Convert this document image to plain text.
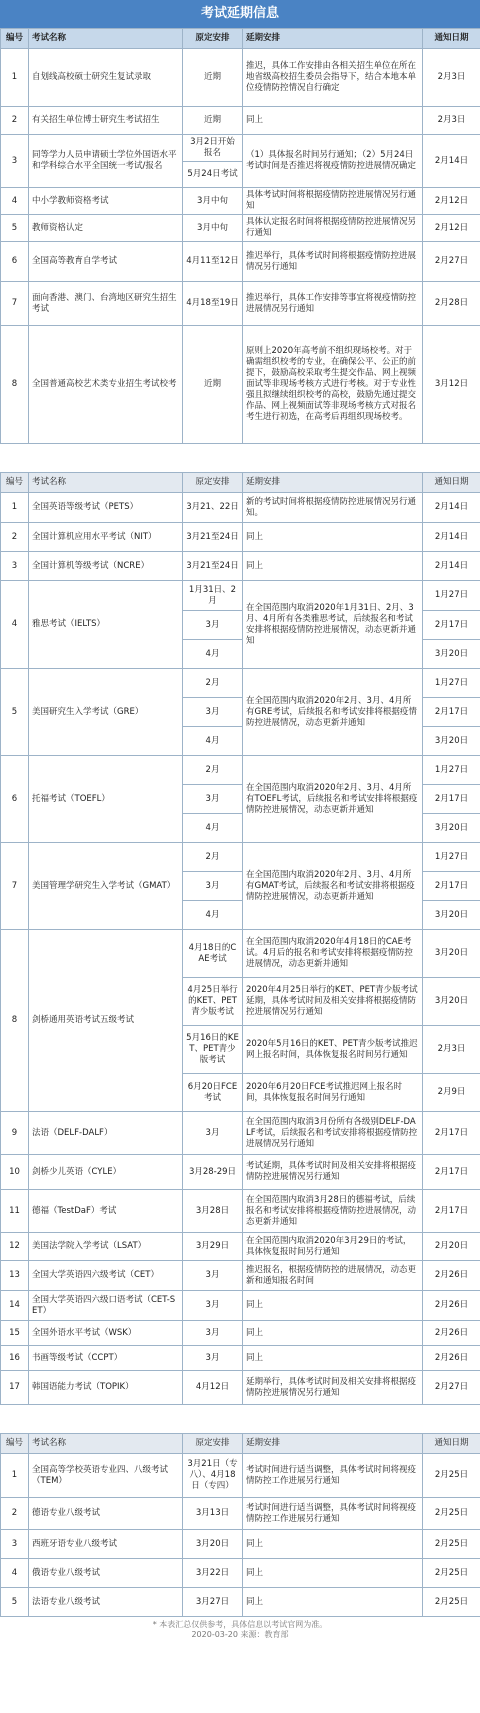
考试延期信息
编号	考试名称	原定安排	延期安排	通知日期
1	自划线高校硕士研究生复试录取	近期	推迟，具体工作安排由各相关招生单位在所在地省级高校招生委员会指导下，结合本地本单位疫情防控情况自行确定	2月3日
2	有关招生单位博士研究生考试招生	近期	同上	2月3日
3	同等学力人员申请硕士学位外国语水平和学科综合水平全国统一考试/报名	3月2日开始报名	（1）具体报名时间另行通知；（2）5月24日考试时间是否推迟将视疫情防控进展情况确定	2月14日
		5月24日考试		
4	中小学教师资格考试	3月中旬	具体考试时间将根据疫情防控进展情况另行通知	2月12日
5	教师资格认定	3月中旬	具体认定报名时间将根据疫情防控进展情况另行通知	2月12日
6	全国高等教育自学考试	4月11至12日	推迟举行，具体考试时间将根据疫情防控进展情况另行通知	2月27日
7	面向香港、澳门、台湾地区研究生招生考试	4月18至19日	推迟举行，具体工作安排等事宜将视疫情防控进展情况另行通知	2月28日
8	全国普通高校艺术类专业招生考试校考	近期	原则上2020年高考前不组织现场校考。对于确需组织校考的专业，在确保公平、公正的前提下，鼓励高校采取考生提交作品、网上视频面试等非现场考核方式进行考核。对于专业性强且拟继续组织校考的高校，鼓励先通过提交作品、网上视频面试等非现场考核方式对报名考生进行初选，在高考后再组织现场校考。	3月12日
编号	考试名称	原定安排	延期安排	通知日期
1	全国英语等级考试（PETS）	3月21、22日	新的考试时间将根据疫情防控进展情况另行通知。	2月14日
2	全国计算机应用水平考试（NIT）	3月21至24日	同上	2月14日
3	全国计算机等级考试（NCRE）	3月21至24日	同上	2月14日
4	雅思考试（IELTS）	1月31日、2月	在全国范围内取消2020年1月31日、2月、3月、4月所有各类雅思考试，后续报名和考试安排将根据疫情防控进展情况，动态更新并通知	1月27日
		3月		2月17日
		4月		3月20日
5	美国研究生入学考试（GRE）	2月	在全国范围内取消2020年2月、3月、4月所有GRE考试，后续报名和考试安排将根据疫情防控进展情况，动态更新并通知	1月27日
		3月		2月17日
		4月		3月20日
6	托福考试（TOEFL）	2月	在全国范围内取消2020年2月、3月、4月所有TOEFL考试，后续报名和考试安排将根据疫情防控进展情况，动态更新并通知	1月27日
		3月		2月17日
		4月		3月20日
7	美国管理学研究生入学考试（GMAT）	2月	在全国范围内取消2020年2月、3月、4月所有GMAT考试，后续报名和考试安排将根据疫情防控进展情况，动态更新并通知	1月27日
		3月		2月17日
		4月		3月20日
8	剑桥通用英语考试五级考试	4月18日的CAE考试	在全国范围内取消2020年4月18日的CAE考试。4月后的报名和考试安排将根据疫情防控进展情况，动态更新并通知	3月20日
		4月25日举行的KET、PET青少版考试	2020年4月25日举行的KET、PET青少版考试延期，具体考试时间及相关安排将根据疫情防控进展情况另行通知	3月20日
		5月16日的KET、PET青少版考试	2020年5月16日的KET、PET青少版考试推迟网上报名时间，具体恢复报名时间另行通知	2月3日
		6月20日FCE考试	2020年6月20日FCE考试推迟网上报名时间，具体恢复报名时间另行通知	2月9日
9	法语（DELF-DALF）	3月	在全国范围内取消3月份所有各级别DELF-DALF考试，后续报名和考试安排将根据疫情防控进展情况另行通知	2月17日
10	剑桥少儿英语（CYLE）	3月28-29日	考试延期，具体考试时间及相关安排将根据疫情防控进展情况另行通知	2月17日
11	德福（TestDaF）考试	3月28日	在全国范围内取消3月28日的德福考试，后续报名和考试安排将根据疫情防控进展情况，动态更新并通知	2月17日
12	美国法学院入学考试（LSAT）	3月29日	在全国范围内取消2020年3月29日的考试，具体恢复报时间另行通知	2月20日
13	全国大学英语四六级考试（CET）	3月	推迟报名，根据疫情防控的进展情况，动态更新和通知报名时间	2月26日
14	全国大学英语四六级口语考试（CET-SET）	3月	同上	2月26日
15	全国外语水平考试（WSK）	3月	同上	2月26日
16	书画等级考试（CCPT）	3月	同上	2月26日
17	韩国语能力考试（TOPIK）	4月12日	延期举行，具体考试时间及相关安排将根据疫情防控进展情况另行通知	2月27日
编号	考试名称	原定安排	延期安排	通知日期
1	全国高等学校英语专业四、八级考试（TEM）	3月21日（专八）、4月18日（专四）	考试时间进行适当调整，具体考试时间将视疫情防控工作进展另行通知	2月25日
2	德语专业八级考试	3月13日	考试时间进行适当调整，具体考试时间将视疫情防控工作进展另行通知	2月25日
3	西班牙语专业八级考试	3月20日	同上	2月25日
4	俄语专业八级考试	3月22日	同上	2月25日
5	法语专业八级考试	3月27日	同上	2月25日
* 本表汇总仅供参考，具体信息以考试官网为准。
2020-03-20 来源：教育部
